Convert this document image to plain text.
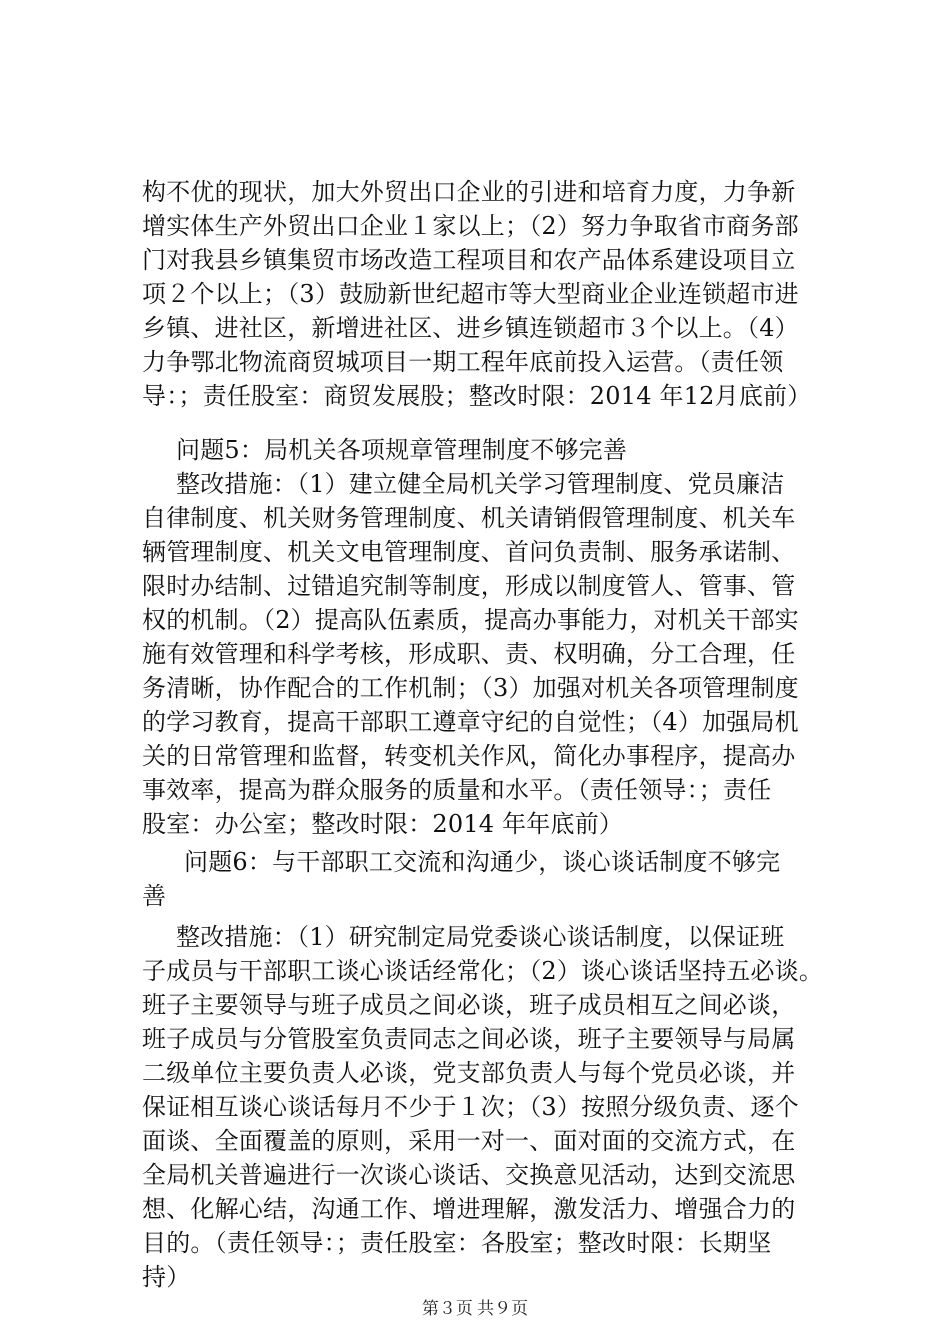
构不优的现状，加大外贸出口企业的引进和培育力度，力争新
增实体生产外贸出口企业１家以上；（2）努力争取省市商务部
门对我县乡镇集贸市场改造工程项目和农产品体系建设项目立
项２个以上；（3）鼓励新世纪超市等大型商业企业连锁超市进
乡镇、进社区，新增进社区、进乡镇连锁超市３个以上。（4）
力争鄂北物流商贸城项目一期工程年底前投入运营。（责任领
导：；责任股室：商贸发展股；整改时限：2014 年12月底前）
问题5：局机关各项规章管理制度不够完善
整改措施：（1）建立健全局机关学习管理制度、党员廉洁
自律制度、机关财务管理制度、机关请销假管理制度、机关车
辆管理制度、机关文电管理制度、首问负责制、服务承诺制、
限时办结制、过错追究制等制度，形成以制度管人、管事、管
权的机制。（2）提高队伍素质，提高办事能力，对机关干部实
施有效管理和科学考核，形成职、责、权明确，分工合理，任
务清晰，协作配合的工作机制；（3）加强对机关各项管理制度
的学习教育，提高干部职工遵章守纪的自觉性；（4）加强局机
关的日常管理和监督，转变机关作风，简化办事程序，提高办
事效率，提高为群众服务的质量和水平。（责任领导：；责任
股室：办公室；整改时限：2014 年年底前）
问题6：与干部职工交流和沟通少，谈心谈话制度不够完
善
整改措施：（1）研究制定局党委谈心谈话制度，以保证班
子成员与干部职工谈心谈话经常化；（2）谈心谈话坚持五必谈。
班子主要领导与班子成员之间必谈，班子成员相互之间必谈，
班子成员与分管股室负责同志之间必谈，班子主要领导与局属
二级单位主要负责人必谈，党支部负责人与每个党员必谈，并
保证相互谈心谈话每月不少于１次；（3）按照分级负责、逐个
面谈、全面覆盖的原则，采用一对一、面对面的交流方式，在
全局机关普遍进行一次谈心谈话、交换意见活动，达到交流思
想、化解心结，沟通工作、增进理解，激发活力、增强合力的
目的。（责任领导：；责任股室：各股室；整改时限：长期坚
持）
第３页 共９页
